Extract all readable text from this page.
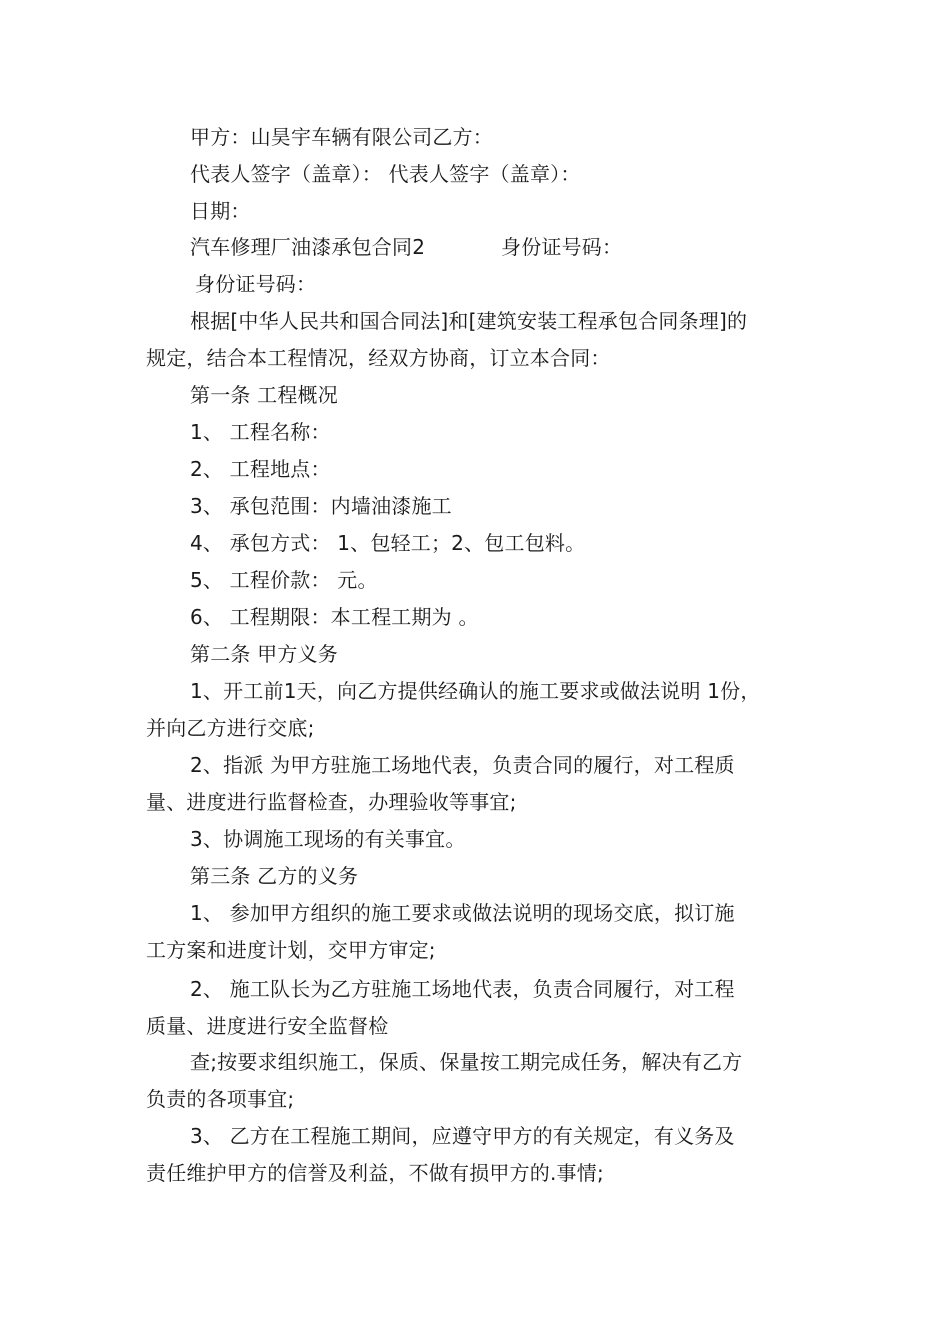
甲方：山昊宇车辆有限公司乙方：
代表人签字（盖章）： 代表人签字（盖章）：
日期：
汽车修理厂油漆承包合同2	身份证号码：
身份证号码：
根据[中华人民共和国合同法]和[建筑安装工程承包合同条理]的
规定，结合本工程情况，经双方协商，订立本合同：
第一条 工程概况
1、 工程名称：
2、 工程地点：
3、 承包范围：内墙油漆施工
4、 承包方式： 1、包轻工；2、包工包料。
5、 工程价款： 元。
6、 工程期限：本工程工期为 。
第二条 甲方义务
1、开工前1天，向乙方提供经确认的施工要求或做法说明 1份，
并向乙方进行交底;
2、指派 为甲方驻施工场地代表，负责合同的履行，对工程质
量、进度进行监督检查，办理验收等事宜;
3、协调施工现场的有关事宜。
第三条 乙方的义务
1、 参加甲方组织的施工要求或做法说明的现场交底，拟订施
工方案和进度计划，交甲方审定;
2、 施工队长为乙方驻施工场地代表，负责合同履行，对工程
质量、进度进行安全监督检
查;按要求组织施工，保质、保量按工期完成任务，解决有乙方
负责的各项事宜;
3、 乙方在工程施工期间，应遵守甲方的有关规定，有义务及
责任维护甲方的信誉及利益，不做有损甲方的.事情;
